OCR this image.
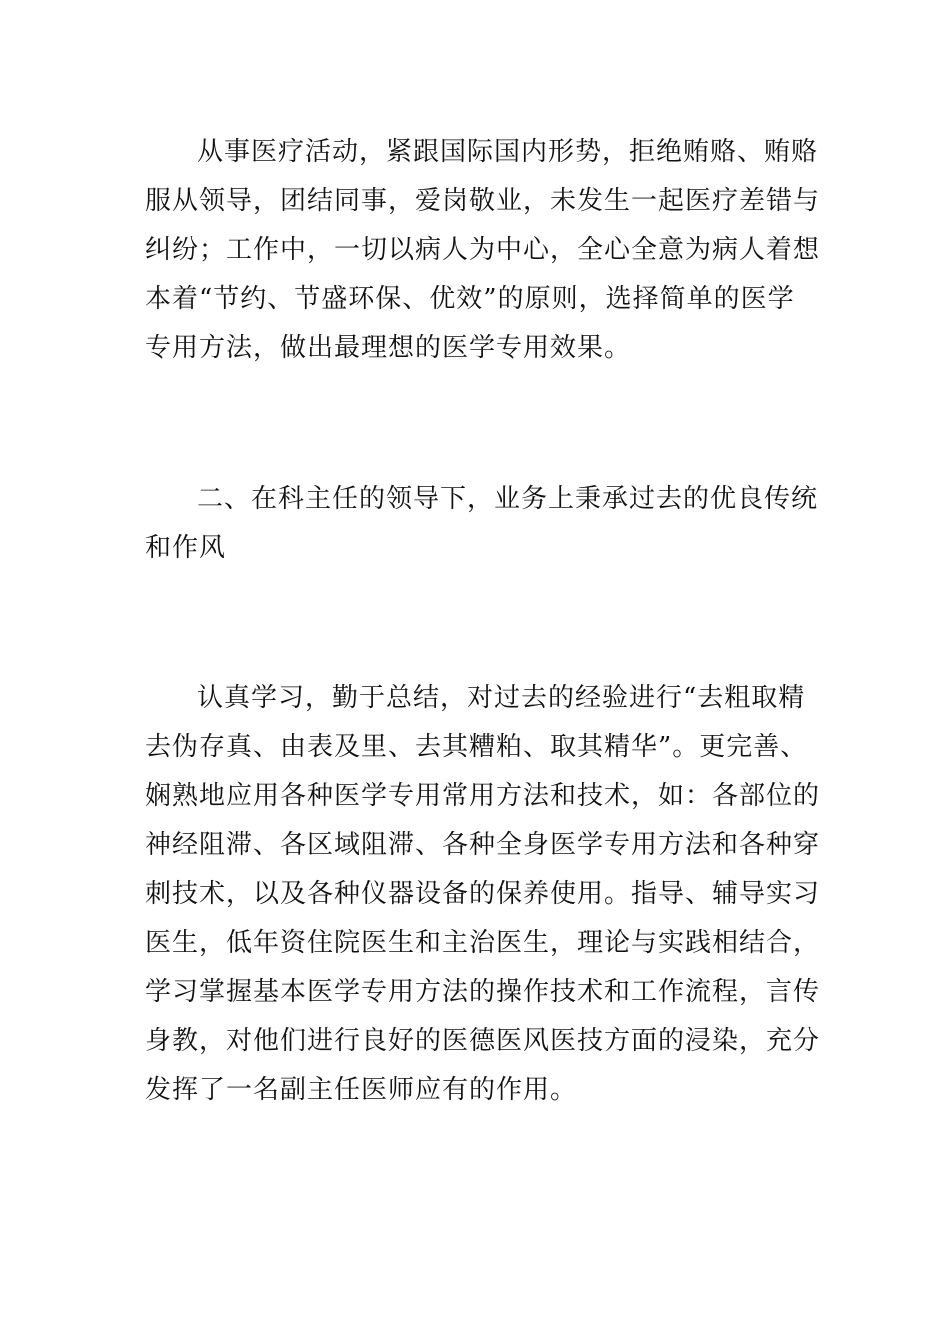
从事医疗活动，紧跟国际国内形势，拒绝贿赂、贿赂
服从领导，团结同事，爱岗敬业，未发生一起医疗差错与
纠纷；工作中，一切以病人为中心，全心全意为病人着想
本着“节约、节盛环保、优效”的原则，选择简单的医学
专用方法，做出最理想的医学专用效果。

二、在科主任的领导下，业务上秉承过去的优良传统
和作风

认真学习，勤于总结，对过去的经验进行“去粗取精
去伪存真、由表及里、去其糟粕、取其精华”。更完善、
娴熟地应用各种医学专用常用方法和技术，如：各部位的
神经阻滞、各区域阻滞、各种全身医学专用方法和各种穿
刺技术，以及各种仪器设备的保养使用。指导、辅导实习
医生，低年资住院医生和主治医生，理论与实践相结合，
学习掌握基本医学专用方法的操作技术和工作流程，言传
身教，对他们进行良好的医德医风医技方面的浸染，充分
发挥了一名副主任医师应有的作用。
